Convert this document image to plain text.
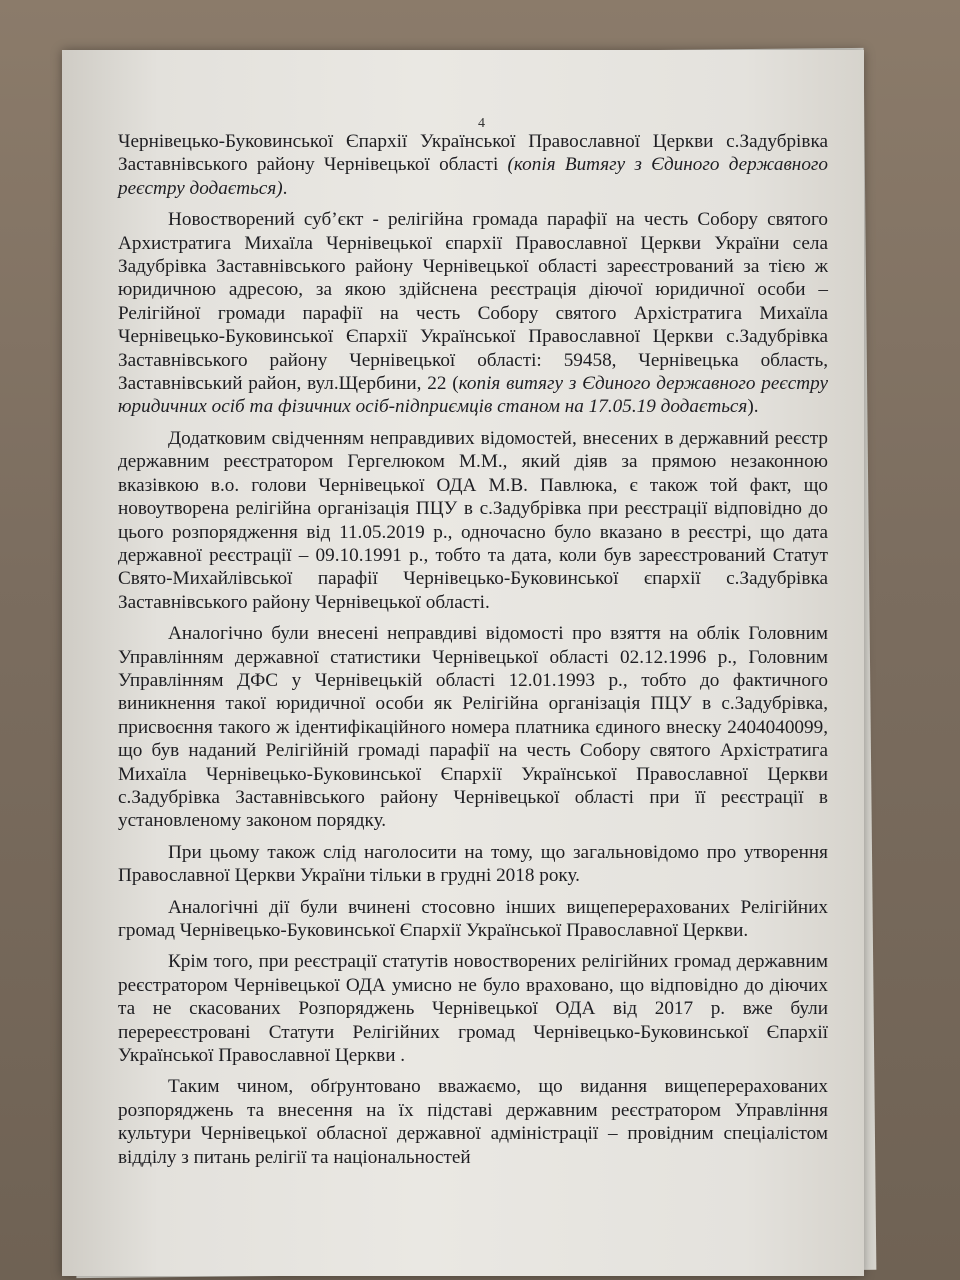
4

Чернівецько-Буковинської Єпархії Української Православної Церкви с.Задубрівка Заставнівського району Чернівецької області (копія Витягу з Єдиного державного реєстру додається).

Новостворений суб’єкт - релігійна громада парафії на честь Собору святого Архистратига Михаїла Чернівецької єпархії Православної Церкви України села Задубрівка Заставнівського району Чернівецької області зареєстрований за тією ж юридичною адресою, за якою здійснена реєстрація діючої юридичної особи – Релігійної громади парафії на честь Собору святого Архістратига Михаїла Чернівецько-Буковинської Єпархії Української Православної Церкви с.Задубрівка Заставнівського району Чернівецької області: 59458, Чернівецька область, Заставнівський район, вул.Щербини, 22 (копія витягу з Єдиного державного реєстру юридичних осіб та фізичних осіб-підприємців станом на 17.05.19 додається).

Додатковим свідченням неправдивих відомостей, внесених в державний реєстр державним реєстратором Гергелюком М.М., який діяв за прямою незаконною вказівкою в.о. голови Чернівецької ОДА М.В. Павлюка, є також той факт, що новоутворена релігійна організація ПЦУ в с.Задубрівка при реєстрації відповідно до цього розпорядження від 11.05.2019 р., одночасно було вказано в реєстрі, що дата державної реєстрації – 09.10.1991 р., тобто та дата, коли був зареєстрований Статут Свято-Михайлівської парафії Чернівецько-Буковинської єпархії с.Задубрівка Заставнівського району Чернівецької області.

Аналогічно були внесені неправдиві відомості про взяття на облік Головним Управлінням державної статистики Чернівецької області 02.12.1996 р., Головним Управлінням ДФС у Чернівецькій області 12.01.1993 р., тобто до фактичного виникнення такої юридичної особи як Релігійна організація ПЦУ в с.Задубрівка, присвоєння такого ж ідентифікаційного номера платника єдиного внеску 2404040099, що був наданий Релігійній громаді парафії на честь Собору святого Архістратига Михаїла Чернівецько-Буковинської Єпархії Української Православної Церкви с.Задубрівка Заставнівського району Чернівецької області при її реєстрації в установленому законом порядку.

При цьому також слід наголосити на тому, що загальновідомо про утворення Православної Церкви України тільки в грудні 2018 року.

Аналогічні дії були вчинені стосовно інших вищеперерахованих Релігійних громад Чернівецько-Буковинської Єпархії Української Православної Церкви.

Крім того, при реєстрації статутів новостворених релігійних громад державним реєстратором Чернівецької ОДА умисно не було враховано, що відповідно до діючих та не скасованих Розпоряджень Чернівецької ОДА від 2017 р. вже були перереєстровані Статути Релігійних громад Чернівецько-Буковинської Єпархії Української Православної Церкви .

Таким чином, обґрунтовано вважаємо, що видання вищеперерахованих розпоряджень та внесення на їх підставі державним реєстратором Управління культури Чернівецької обласної державної адміністрації – провідним спеціалістом відділу з питань релігії та національностей
